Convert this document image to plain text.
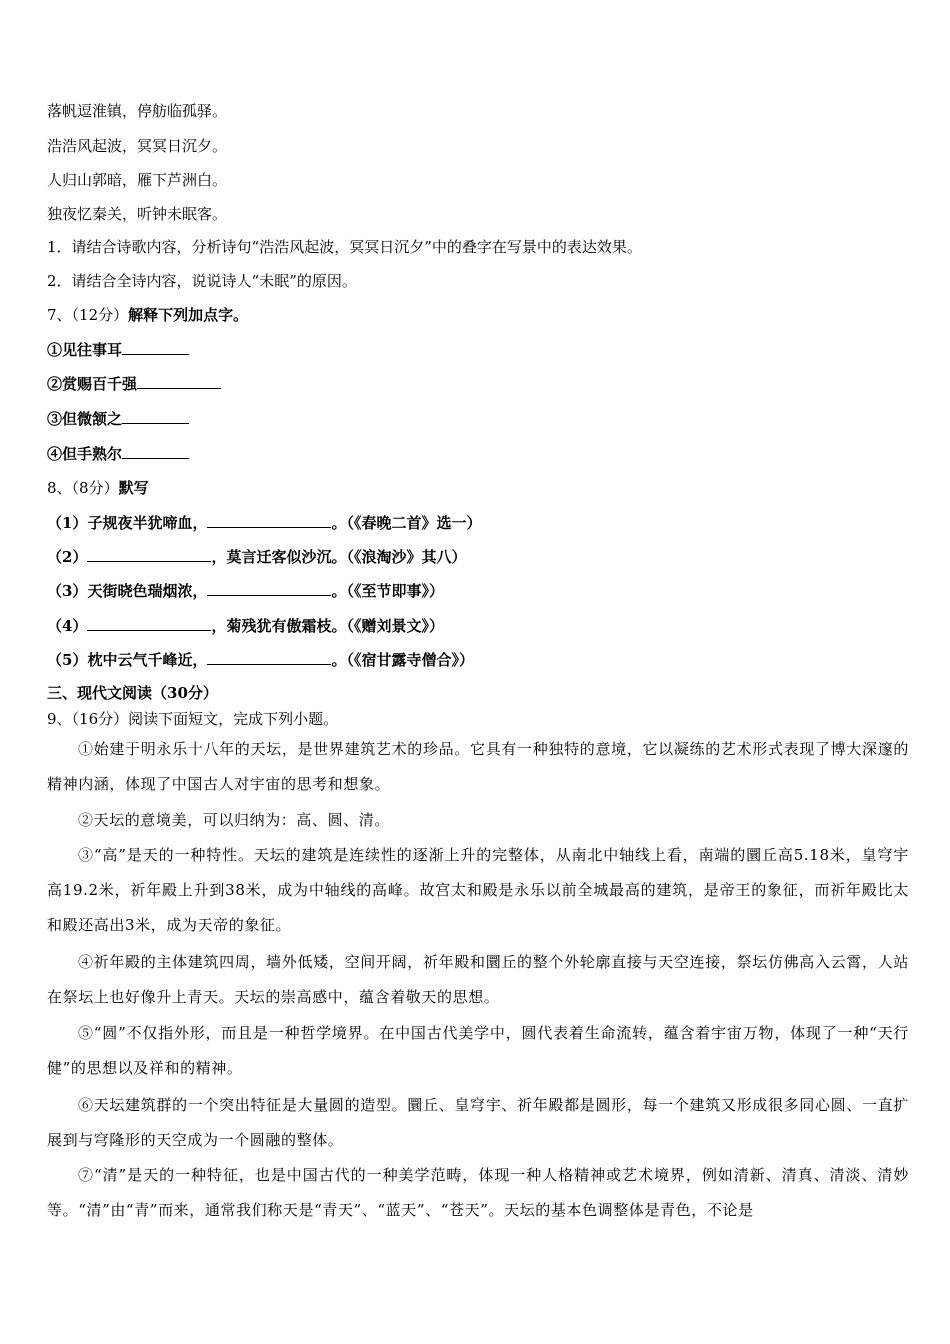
落帆逗淮镇，停舫临孤驿。
浩浩风起波，冥冥日沉夕。
人归山郭暗，雁下芦洲白。
独夜忆秦关，听钟未眠客。
1．请结合诗歌内容，分析诗句“浩浩风起波，冥冥日沉夕”中的叠字在写景中的表达效果。
2．请结合全诗内容，说说诗人“未眠”的原因。
7、（12分）解释下列加点字。
①见往事耳
②赏赐百千强
③但微颔之
④但手熟尔
8、（8分）默写
（1）子规夜半犹啼血，	。（《春晚二首》选一）
（2）	，莫言迁客似沙沉。（《浪淘沙》其八）
（3）天街晓色瑞烟浓，	。（《至节即事》）
（4）	，菊残犹有傲霜枝。（《赠刘景文》）
（5）枕中云气千峰近，	。（《宿甘露寺僧合》）
三、现代文阅读（30分）
9、（16分）阅读下面短文，完成下列小题。
①始建于明永乐十八年的天坛，是世界建筑艺术的珍品。它具有一种独特的意境，它以凝练的艺术形式表现了博大深邃的精神内涵，体现了中国古人对宇宙的思考和想象。
②天坛的意境美，可以归纳为：高、圆、清。
③“高”是天的一种特性。天坛的建筑是连续性的逐渐上升的完整体，从南北中轴线上看，南端的圜丘高5.18米，皇穹宇高19.2米，祈年殿上升到38米，成为中轴线的高峰。故宫太和殿是永乐以前全城最高的建筑，是帝王的象征，而祈年殿比太和殿还高出3米，成为天帝的象征。
④祈年殿的主体建筑四周，墙外低矮，空间开阔，祈年殿和圜丘的整个外轮廓直接与天空连接，祭坛仿佛高入云霄，人站在祭坛上也好像升上青天。天坛的崇高感中，蕴含着敬天的思想。
⑤“圆”不仅指外形，而且是一种哲学境界。在中国古代美学中，圆代表着生命流转，蕴含着宇宙万物，体现了一种“天行健”的思想以及祥和的精神。
⑥天坛建筑群的一个突出特征是大量圆的造型。圜丘、皇穹宇、祈年殿都是圆形，每一个建筑又形成很多同心圆、一直扩展到与穹隆形的天空成为一个圆融的整体。
⑦“清”是天的一种特征，也是中国古代的一种美学范畴，体现一种人格精神或艺术境界，例如清新、清真、清淡、清妙等。“清”由“青”而来，通常我们称天是“青天”、“蓝天”、“苍天”。天坛的基本色调整体是青色，不论是
